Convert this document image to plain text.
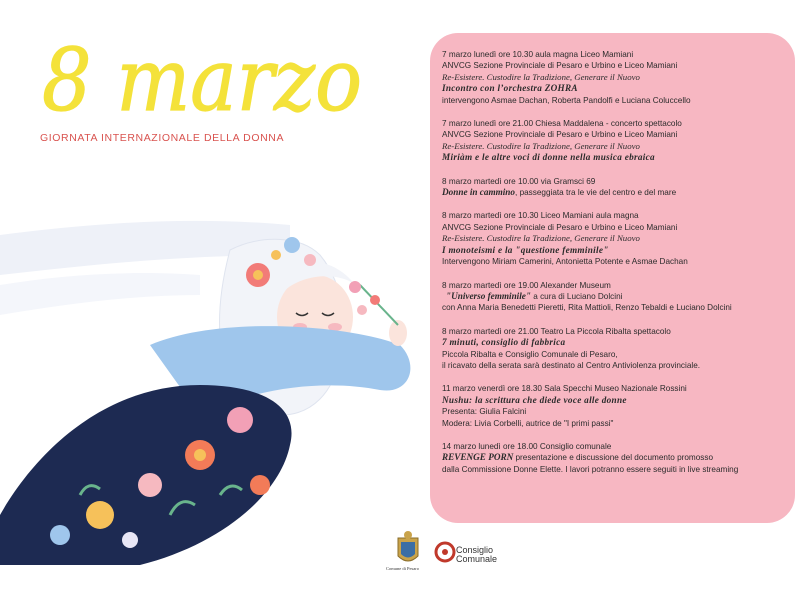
8 marzo
GIORNATA INTERNAZIONALE DELLA DONNA
7 marzo lunedì ore 10.30 aula magna Liceo Mamiani
ANVCG Sezione Provinciale di Pesaro e Urbino e Liceo Mamiani
Re-Esistere. Custodire la Tradizione, Generare il Nuovo
Incontro con l’orchestra ZOHRA
intervengono Asmae Dachan, Roberta Pandolfi e Luciana Coluccello
7 marzo lunedì ore 21.00 Chiesa Maddalena - concerto spettacolo
ANVCG Sezione Provinciale di Pesaro e Urbino e Liceo Mamiani
Re-Esistere. Custodire la Tradizione, Generare il Nuovo
Miriàm e le altre voci di donne nella musica ebraica
8 marzo martedì ore 10.00 via Gramsci 69
Donne in cammino, passeggiata tra le vie del centro e del mare
8 marzo martedì ore 10.30 Liceo Mamiani aula magna
ANVCG Sezione Provinciale di Pesaro e Urbino e Liceo Mamiani
Re-Esistere. Custodire la Tradizione, Generare il Nuovo
I monoteismi e la "questione femminile"
Intervengono Miriam Camerini, Antonietta Potente e Asmae Dachan
8 marzo martedì ore 19.00 Alexander Museum
"Universo femminile" a cura di Luciano Dolcini
con Anna Maria Benedetti Pieretti, Rita Mattioli, Renzo Tebaldi e Luciano Dolcini
8 marzo martedì ore 21.00 Teatro La Piccola Ribalta spettacolo
7 minuti, consiglio di fabbrica
Piccola Ribalta e Consiglio Comunale di Pesaro,
il ricavato della serata sarà destinato al Centro Antiviolenza provinciale.
11 marzo venerdì ore 18.30 Sala Specchi Museo Nazionale Rossini
Nushu: la scrittura che diede voce alle donne
Presenta: Giulia Falcini
Modera: Livia Corbelli, autrice de "I primi passi"
14 marzo lunedì ore 18.00 Consiglio comunale
REVENGE PORN presentazione e discussione del documento promosso
dalla Commissione Donne Elette. I lavori potranno essere seguiti in live streaming
Comune di Pesaro
Consiglio
Comunale
